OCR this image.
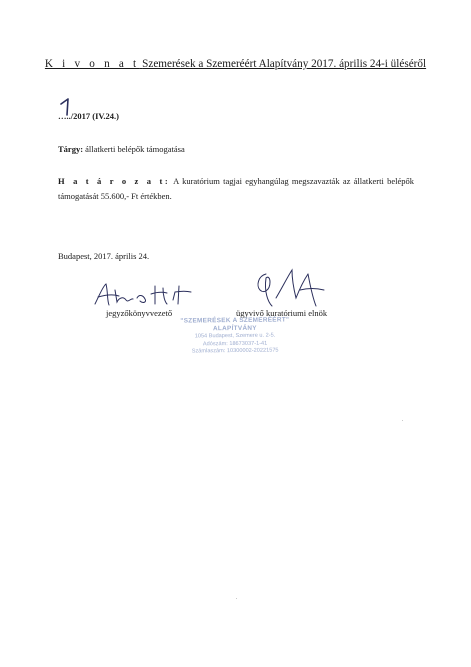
K i v o n a t Szemerések a Szemeréért Alapítvány 2017. április 24-i üléséről
…../2017 (IV.24.)
Tárgy: állatkerti belépők támogatása
H a t á r o z a t: A kuratórium tagjai egyhangúlag megszavazták az állatkerti belépők támogatását 55.600,- Ft értékben.
Budapest, 2017. április 24.
jegyzőkönyvvezető	ügyvivő kuratóriumi elnök
"SZEMERÉSEK A SZEMERÉÉRT"
ALAPÍTVÁNY
1054 Budapest, Szemere u. 2-5.
Adószám: 18673037-1-41
Számlaszám: 10300002-20221575
